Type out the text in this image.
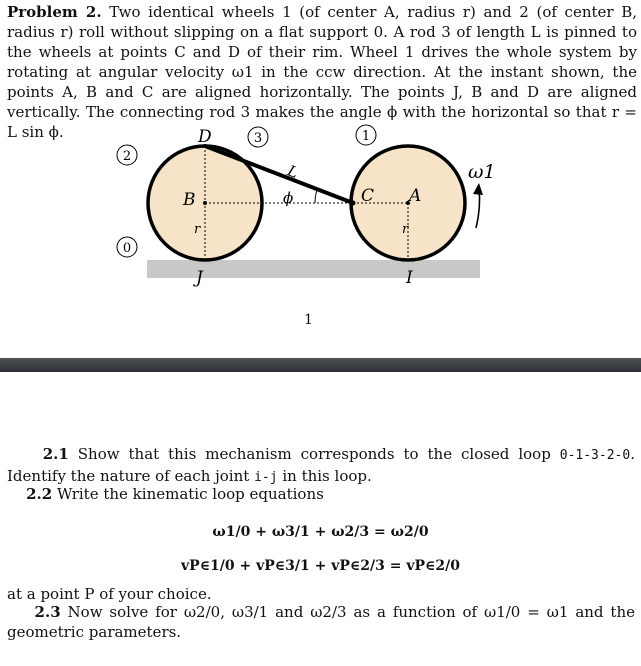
Problem 2. Two identical wheels 1 (of center A, radius r) and 2 (of center B, radius r) roll without slipping on a flat support 0. A rod 3 of length L is pinned to the wheels at points C and D of their rim. Wheel 1 drives the whole system by rotating at angular velocity ω1 in the ccw direction. At the instant shown, the points A, B and C are aligned horizontally. The points J, B and D are aligned vertically. The connecting rod 3 makes the angle ϕ with the horizontal so that r = L sin ϕ.	D
B
r
J
ϕ
L
C A
r
I
ω1
2
0
3	1
1
2.1 Show that this mechanism corresponds to the closed loop 0-1-3-2-0. Identify the nature of each joint i-j in this loop.
2.2 Write the kinematic loop equations
ω1/0 + ω3/1 + ω2/3 = ω2/0
vP∈1/0 + vP∈3/1 + vP∈2/3 = vP∈2/0
at a point P of your choice.
2.3 Now solve for ω2/0, ω3/1 and ω2/3 as a function of ω1/0 = ω1 and the geometric parameters.
